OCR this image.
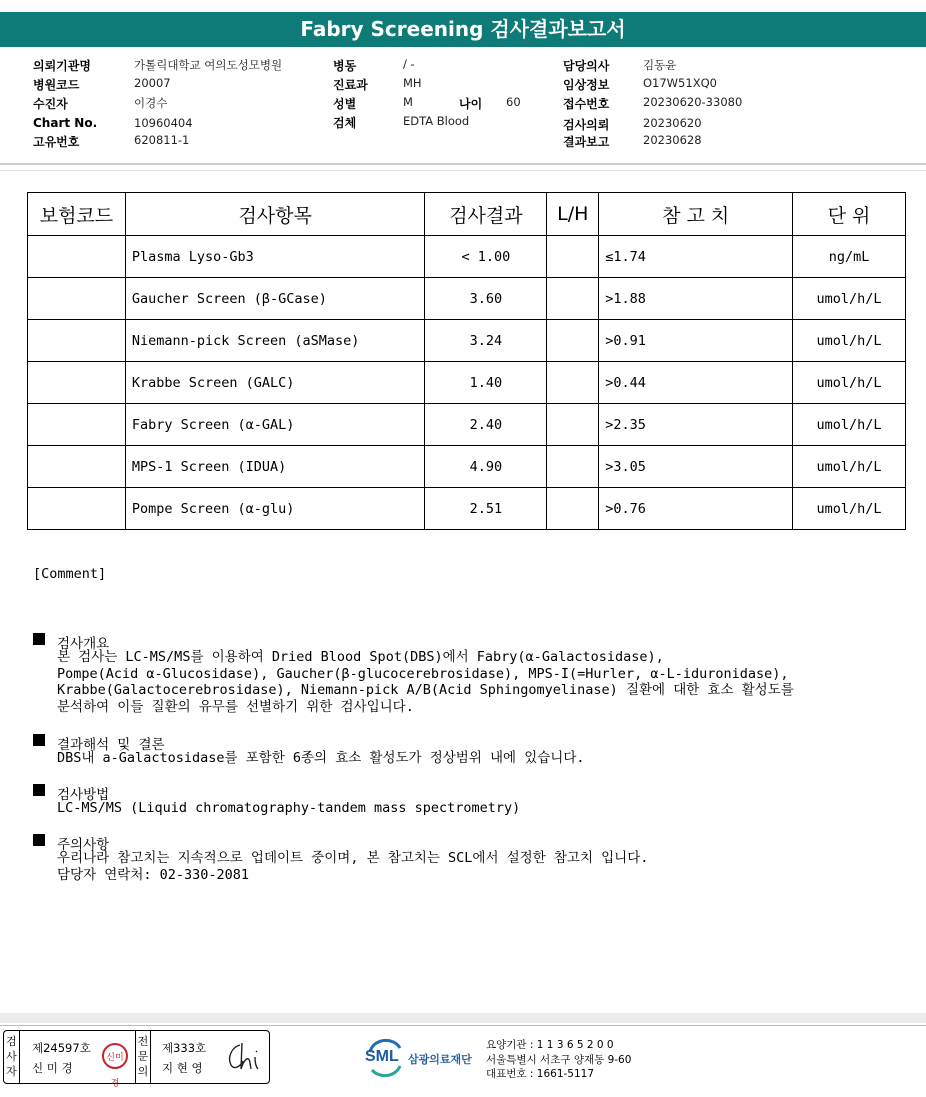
Fabry Screening 검사결과보고서
의뢰기관명	가톨릭대학교 여의도성모병원
병원코드	20007
수진자	이경수
Chart No.	10960404
고유번호	620811-1
병동	/ -
진료과	MH
성별	M	나이 60
검체	EDTA Blood
담당의사	김동윤
임상정보	O17W51XQ0
접수번호	20230620-33080
검사의뢰	20230620
결과보고	20230628
보험코드	검사항목	검사결과	L/H	참 고 치	단 위
	Plasma Lyso-Gb3	< 1.00		≤1.74	ng/mL
	Gaucher Screen (β-GCase)	3.60		>1.88	umol/h/L
	Niemann-pick Screen (aSMase)	3.24		>0.91	umol/h/L
	Krabbe Screen (GALC)	1.40		>0.44	umol/h/L
	Fabry Screen (α-GAL)	2.40		>2.35	umol/h/L
	MPS-1 Screen (IDUA)	4.90		>3.05	umol/h/L
	Pompe Screen (α-glu)	2.51		>0.76	umol/h/L
[Comment]
검사개요
본 검사는 LC-MS/MS를 이용하여 Dried Blood Spot(DBS)에서 Fabry(α-Galactosidase),
Pompe(Acid α-Glucosidase), Gaucher(β-glucocerebrosidase), MPS-I(=Hurler, α-L-iduronidase),
Krabbe(Galactocerebrosidase), Niemann-pick A/B(Acid Sphingomyelinase) 질환에 대한 효소 활성도를
분석하여 이들 질환의 유무를 선별하기 위한 검사입니다.
결과해석 및 결론
DBS내 a-Galactosidase를 포함한 6종의 효소 활성도가 정상범위 내에 있습니다.
검사방법
LC-MS/MS (Liquid chromatography-tandem mass spectrometry)
주의사항
우리나라 참고치는 지속적으로 업데이트 중이며, 본 참고치는 SCL에서 설정한 참고치 입니다.
담당자 연락처: 02-330-2081
검사자
제24597호
신 미 경
신미경
전문의
제333호
지 현 영
SML 삼광의료재단
요양기관 : 1 1 3 6 5 2 0 0
서울특별시 서초구 양재동 9-60
대표번호 : 1661-5117
